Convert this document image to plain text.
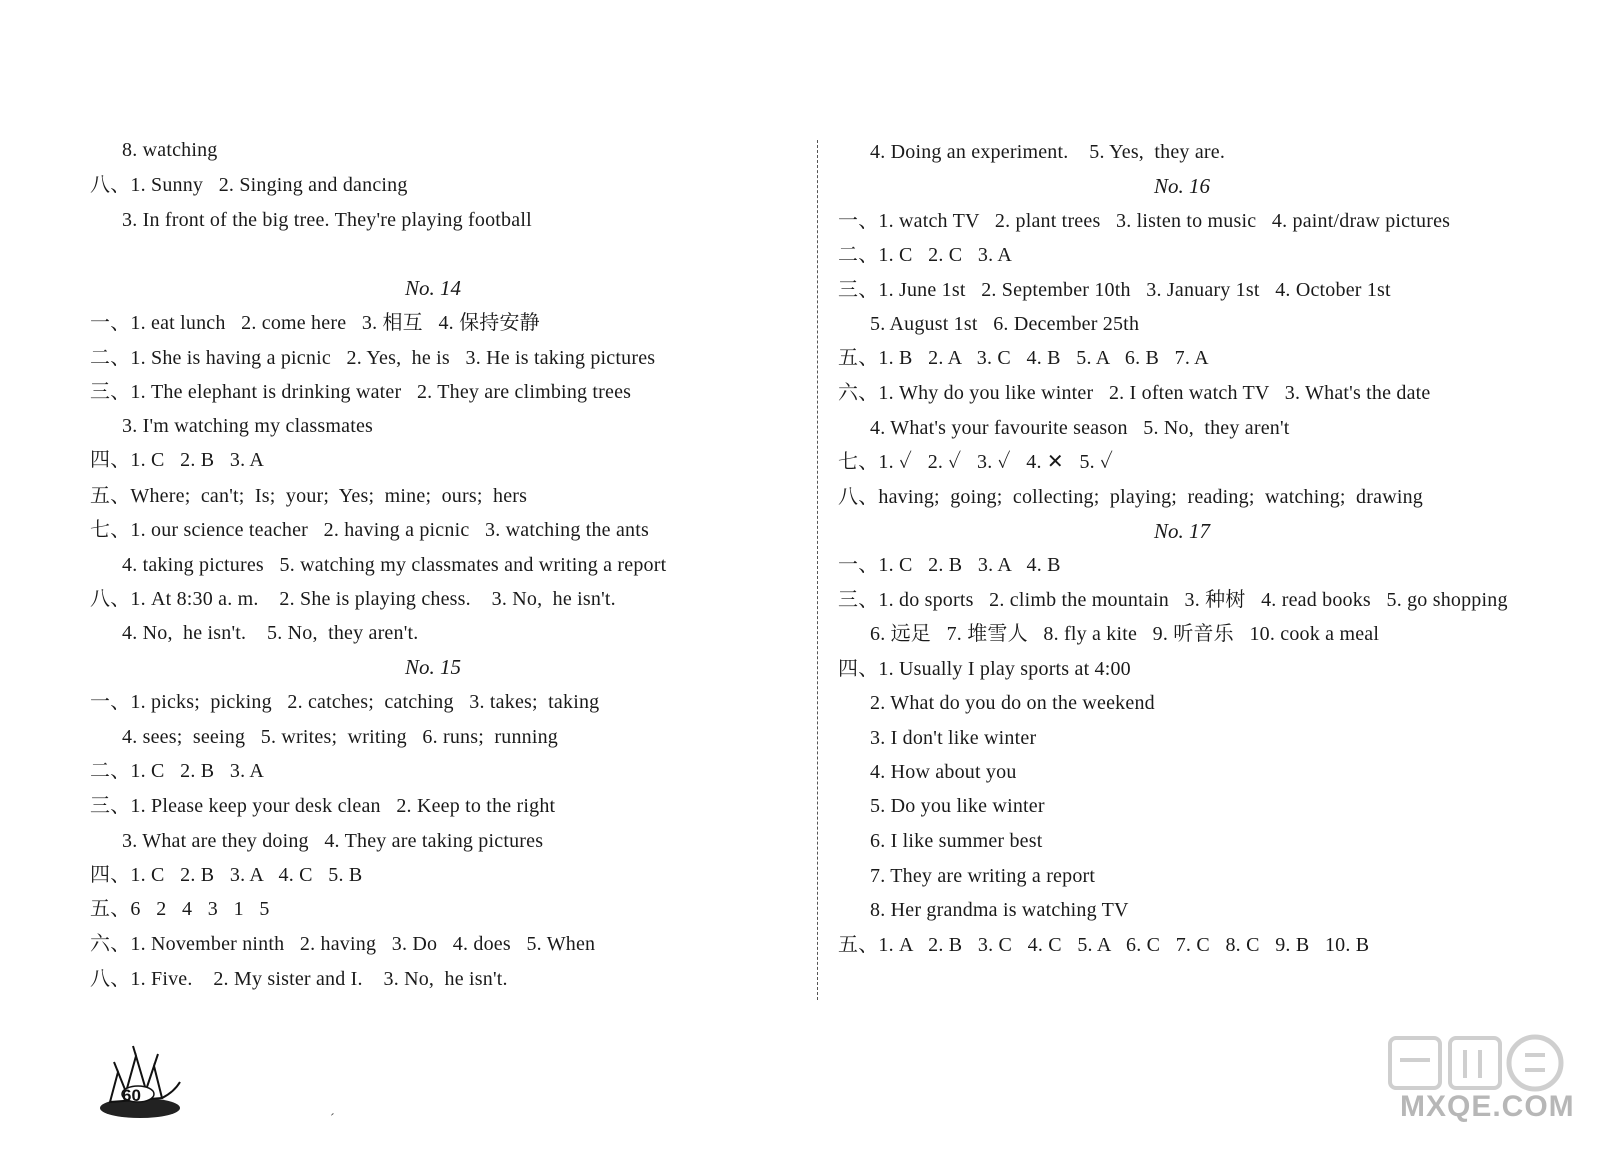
8. watching
八、1. Sunny   2. Singing and dancing
3. In front of the big tree. They're playing football
No. 14
一、1. eat lunch   2. come here   3. 相互   4. 保持安静
二、1. She is having a picnic   2. Yes,  he is   3. He is taking pictures
三、1. The elephant is drinking water   2. They are climbing trees
3. I'm watching my classmates
四、1. C   2. B   3. A
五、Where;  can't;  Is;  your;  Yes;  mine;  ours;  hers
七、1. our science teacher   2. having a picnic   3. watching the ants
4. taking pictures   5. watching my classmates and writing a report
八、1. At 8:30 a. m.    2. She is playing chess.    3. No,  he isn't.
4. No,  he isn't.    5. No,  they aren't.
No. 15
一、1. picks;  picking   2. catches;  catching   3. takes;  taking
4. sees;  seeing   5. writes;  writing   6. runs;  running
二、1. C   2. B   3. A
三、1. Please keep your desk clean   2. Keep to the right
3. What are they doing   4. They are taking pictures
四、1. C   2. B   3. A   4. C   5. B
五、6   2   4   3   1   5
六、1. November ninth   2. having   3. Do   4. does   5. When
八、1. Five.    2. My sister and I.    3. No,  he isn't.
4. Doing an experiment.    5. Yes,  they are.
No. 16
一、1. watch TV   2. plant trees   3. listen to music   4. paint/draw pictures
二、1. C   2. C   3. A
三、1. June 1st   2. September 10th   3. January 1st   4. October 1st
5. August 1st   6. December 25th
五、1. B   2. A   3. C   4. B   5. A   6. B   7. A
六、1. Why do you like winter   2. I often watch TV   3. What's the date
4. What's your favourite season   5. No,  they aren't
七、1. ✓   2. ✓   3. ✓   4. ✕   5. ✓
八、having;  going;  collecting;  playing;  reading;  watching;  drawing
No. 17
一、1. C   2. B   3. A   4. B
三、1. do sports   2. climb the mountain   3. 种树   4. read books   5. go shopping
6. 远足   7. 堆雪人   8. fly a kite   9. 听音乐   10. cook a meal
四、1. Usually I play sports at 4:00
2. What do you do on the weekend
3. I don't like winter
4. How about you
5. Do you like winter
6. I like summer best
7. They are writing a report
8. Her grandma is watching TV
五、1. A   2. B   3. C   4. C   5. A   6. C   7. C   8. C   9. B   10. B
60
ˊ	MXQE.COM
